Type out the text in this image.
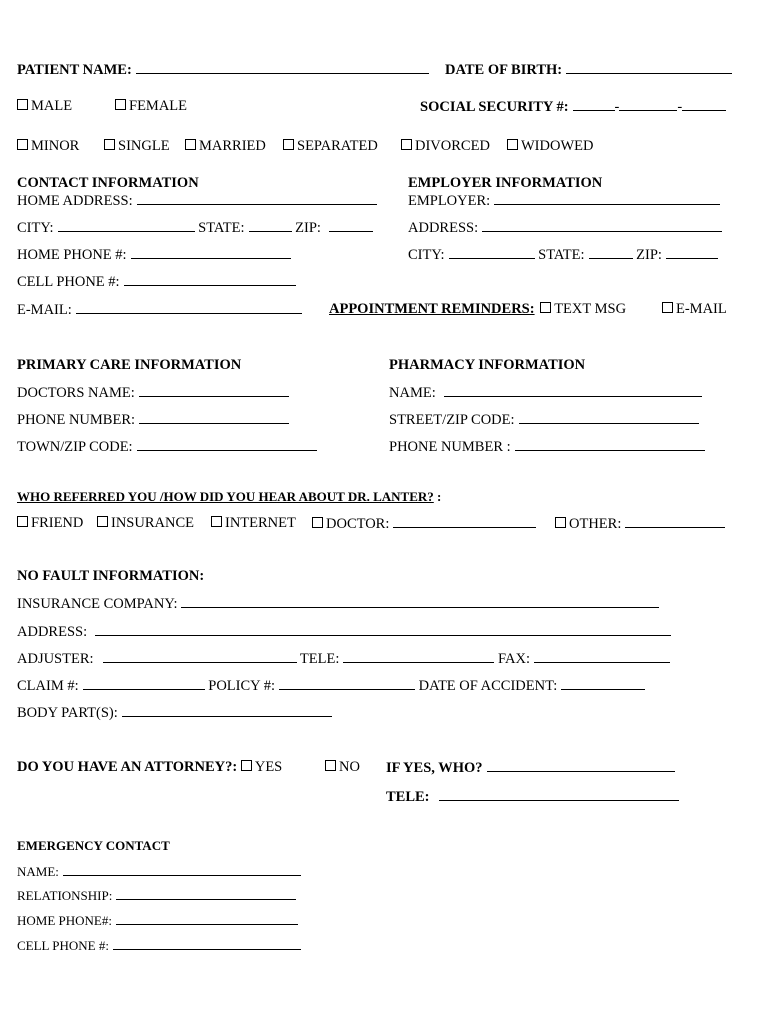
PATIENT NAME:	DATE OF BIRTH:
MALE	FEMALE	SOCIAL SECURITY #:	-	-
MINOR	SINGLE	MARRIED	SEPARATED	DIVORCED	WIDOWED
CONTACT INFORMATION
HOME ADDRESS:
CITY:	STATE:	ZIP:
HOME PHONE #:
CELL PHONE #:
E-MAIL:
EMPLOYER INFORMATION
EMPLOYER:
ADDRESS:
CITY:	STATE:	ZIP:
APPOINTMENT REMINDERS: TEXT MSG	E-MAIL
PRIMARY CARE INFORMATION
DOCTORS NAME:
PHONE NUMBER:
TOWN/ZIP CODE:
PHARMACY INFORMATION
NAME:
STREET/ZIP CODE:
PHONE NUMBER :
WHO REFERRED YOU /HOW DID YOU HEAR ABOUT DR. LANTER? :
FRIEND	INSURANCE	INTERNET	DOCTOR:	OTHER:
NO FAULT INFORMATION:
INSURANCE COMPANY:
ADDRESS:
ADJUSTER:	TELE:	FAX:
CLAIM #:	POLICY #:	DATE OF ACCIDENT:
BODY PART(S):
DO YOU HAVE AN ATTORNEY?: YES	NO IF YES, WHO?
TELE:
EMERGENCY CONTACT
NAME:
RELATIONSHIP:
HOME PHONE#:
CELL PHONE #:
